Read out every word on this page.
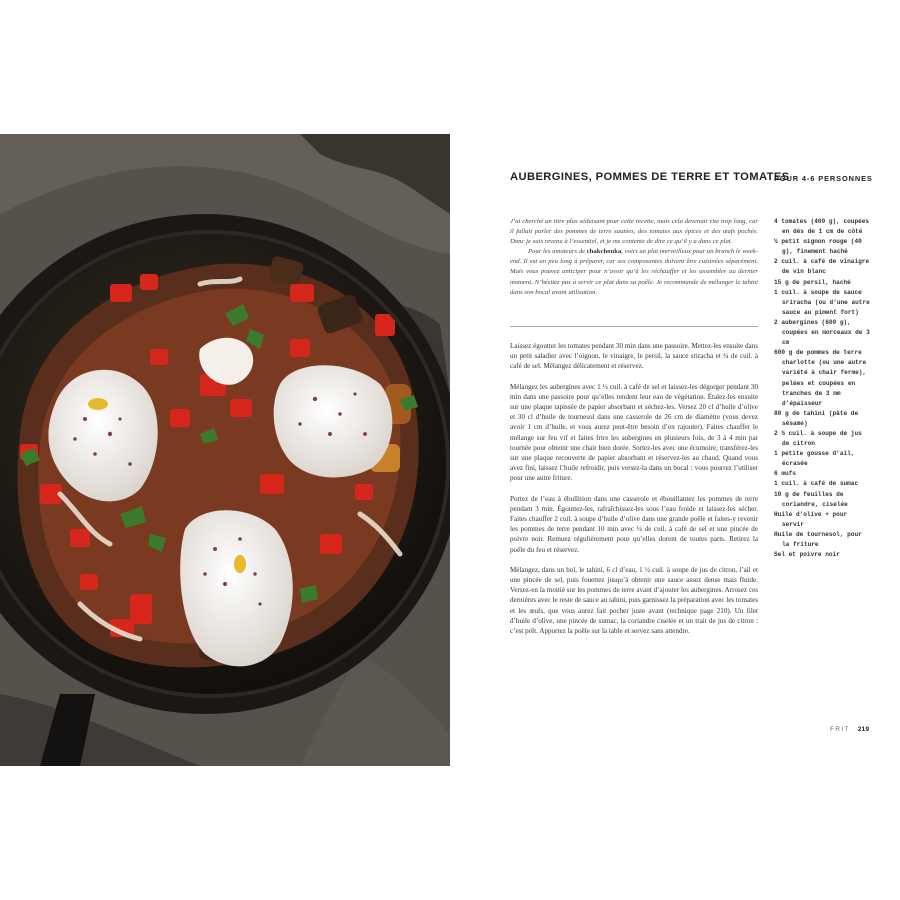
AUBERGINES, POMMES DE TERRE ET TOMATES
POUR 4-6 PERSONNES

J’ai cherché un titre plus séduisant pour cette recette, mais cela devenait vite trop long, car il fallait parler des pommes de terre sautées, des tomates aux épices et des œufs pochés. Donc je suis revenu à l’essentiel, et je me contente de dire ce qu’il y a dans ce plat.

Pour les amateurs de chakchouka, voici un plat merveilleux pour un brunch le week-end. Il est un peu long à préparer, car ses composantes doivent être cuisinées séparément. Mais vous pouvez anticiper pour n’avoir qu’à les réchauffer et les assembler au dernier moment. N’hésitez pas à servir ce plat dans sa poêle. Je recommande de mélanger le tahini dans son bocal avant utilisation.

Laissez égoutter les tomates pendant 30 min dans une passoire. Mettez-les ensuite dans un petit saladier avec l’oignon, le vinaigre, le persil, la sauce sriracha et ¼ de cuil. à café de sel. Mélangez délicatement et réservez.

Mélangez les aubergines avec 1 ½ cuil. à café de sel et laissez-les dégorger pendant 30 min dans une passoire pour qu’elles rendent leur eau de végétation. Étalez-les ensuite sur une plaque tapissée de papier absorbant et séchez-les. Versez 20 cl d’huile d’olive et 30 cl d’huile de tournesol dans une casserole de 26 cm de diamètre (vous devez avoir 1 cm d’huile, et vous aurez peut-être besoin d’en rajouter). Faites chauffer le mélange sur feu vif et faites frire les aubergines en plusieurs fois, de 3 à 4 min par tournée pour obtenir une chair bien dorée. Sortez-les avec une écumoire, transférez-les sur une plaque recouverte de papier absorbant et réservez-les au chaud. Quand vous avez fini, laissez l’huile refroidir, puis versez-la dans un bocal : vous pourrez l’utiliser pour une autre friture.

Portez de l’eau à ébullition dans une casserole et ébouillantez les pommes de terre pendant 3 min. Égouttez-les, rafraîchissez-les sous l’eau froide et laissez-les sécher. Faites chauffer 2 cuil. à soupe d’huile d’olive dans une grande poêle et faites-y revenir les pommes de terre pendant 10 min avec ¼ de cuil. à café de sel et une pincée de poivre noir. Remuez régulièrement pour qu’elles dorent de toutes parts. Retirez la poêle du feu et réservez.

Mélangez, dans un bol, le tahini, 6 cl d’eau, 1 ½ cuil. à soupe de jus de citron, l’ail et une pincée de sel, puis fouettez jusqu’à obtenir une sauce assez dense mais fluide. Versez-en la moitié sur les pommes de terre avant d’ajouter les aubergines. Arrosez ces dernières avec le reste de sauce au tahini, puis garnissez la préparation avec les tomates et les œufs, que vous aurez fait pocher juste avant (technique page 210). Un filet d’huile d’olive, une pincée de sumac, la coriandre ciselée et un trait de jus de citron : c’est prêt. Apportez la poêle sur la table et servez sans attendre.

4 tomates (400 g), coupées en dés de 1 cm de côté
½ petit oignon rouge (40 g), finement haché
2 cuil. à café de vinaigre de vin blanc
15 g de persil, haché
1 cuil. à soupe de sauce sriracha (ou d’une autre sauce au piment fort)
2 aubergines (600 g), coupées en morceaux de 3 cm
600 g de pommes de terre charlotte (ou une autre variété à chair ferme), pelées et coupées en tranches de 3 mm d’épaisseur
80 g de tahini (pâte de sésame)
2 ½ cuil. à soupe de jus de citron
1 petite gousse d’ail, écrasée
6 œufs
1 cuil. à café de sumac
10 g de feuilles de coriandre, ciselée
Huile d’olive + pour servir
Huile de tournesol, pour la friture
Sel et poivre noir
FRIT 219
